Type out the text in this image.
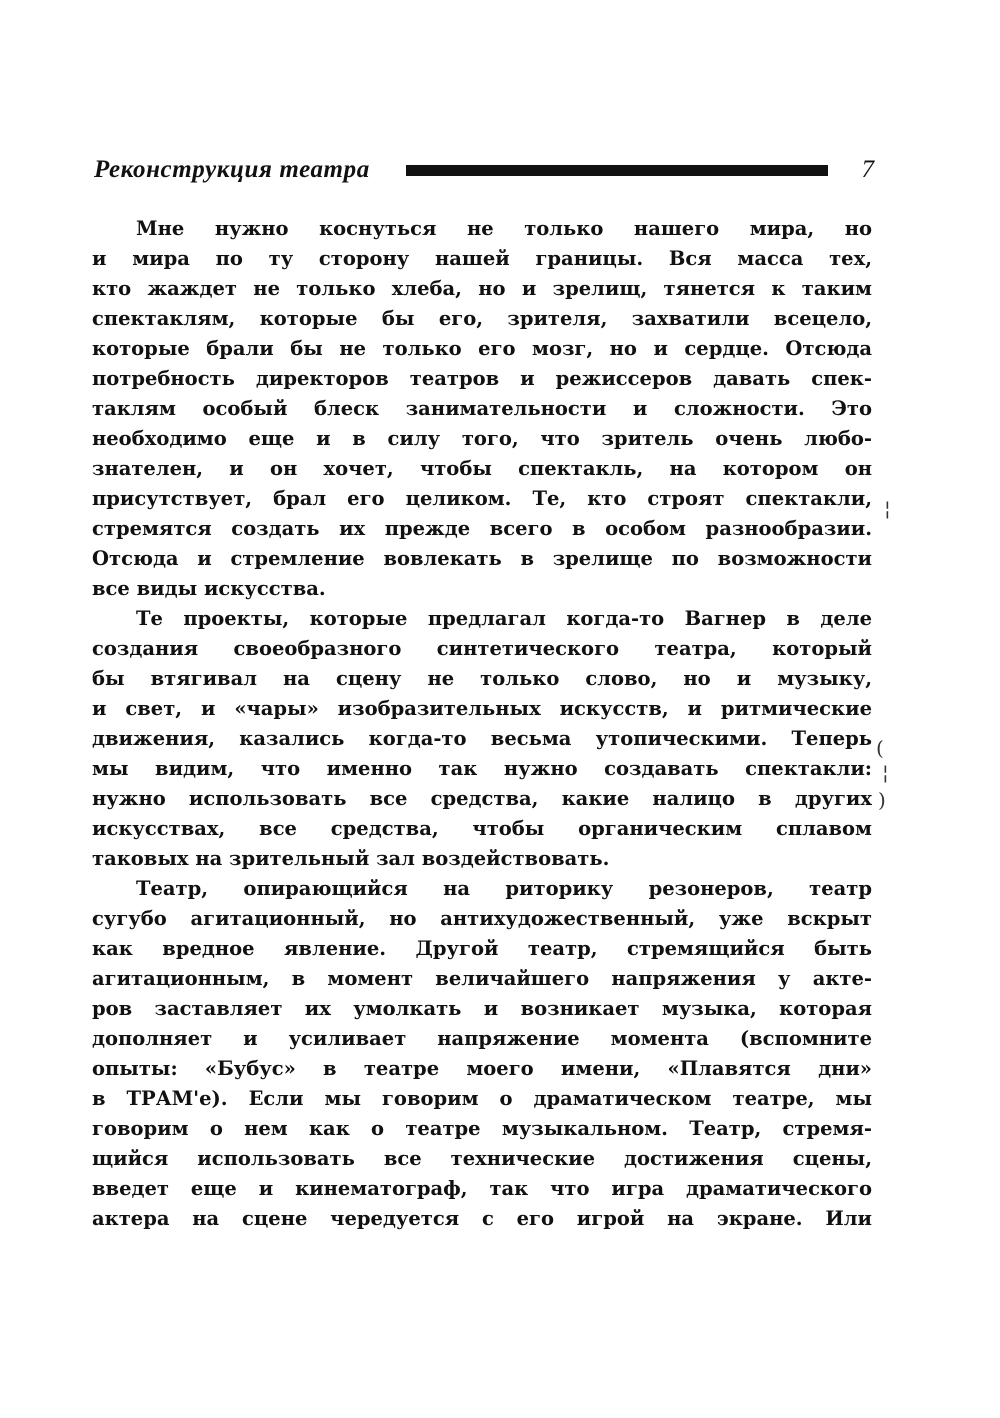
Реконструкция театра	7
Мне нужно коснуться не только нашего мира, но
и мира по ту сторону нашей границы. Вся масса тех,
кто жаждет не только хлеба, но и зрелищ, тянется к таким
спектаклям, которые бы его, зрителя, захватили всецело,
которые брали бы не только его мозг, но и сердце. Отсюда
потребность директоров театров и режиссеров давать спек-
таклям особый блеск занимательности и сложности. Это
необходимо еще и в силу того, что зритель очень любо-
знателен, и он хочет, чтобы спектакль, на котором он
присутствует, брал его целиком. Те, кто строят спектакли,
стремятся создать их прежде всего в особом разнообразии.
Отсюда и стремление вовлекать в зрелище по возможности
все виды искусства.
Те проекты, которые предлагал когда-то Вагнер в деле
создания своеобразного синтетического театра, который
бы втягивал на сцену не только слово, но и музыку,
и свет, и «чары» изобразительных искусств, и ритмические
движения, казались когда-то весьма утопическими. Теперь
мы видим, что именно так нужно создавать спектакли:
нужно использовать все средства, какие налицо в других
искусствах, все средства, чтобы органическим сплавом
таковых на зрительный зал воздействовать.
Театр, опирающийся на риторику резонеров, театр
сугубо агитационный, но антихудожественный, уже вскрыт
как вредное явление. Другой театр, стремящийся быть
агитационным, в момент величайшего напряжения у акте-
ров заставляет их умолкать и возникает музыка, которая
дополняет и усиливает напряжение момента (вспомните
опыты: «Бубус» в театре моего имени, «Плавятся дни»
в ТРАМ'е). Если мы говорим о драматическом театре, мы
говорим о нем как о театре музыкальном. Театр, стремя-
щийся использовать все технические достижения сцены,
введет еще и кинематограф, так что игра драматического
актера на сцене чередуется с его игрой на экране. Или
¦
(
¦
)
